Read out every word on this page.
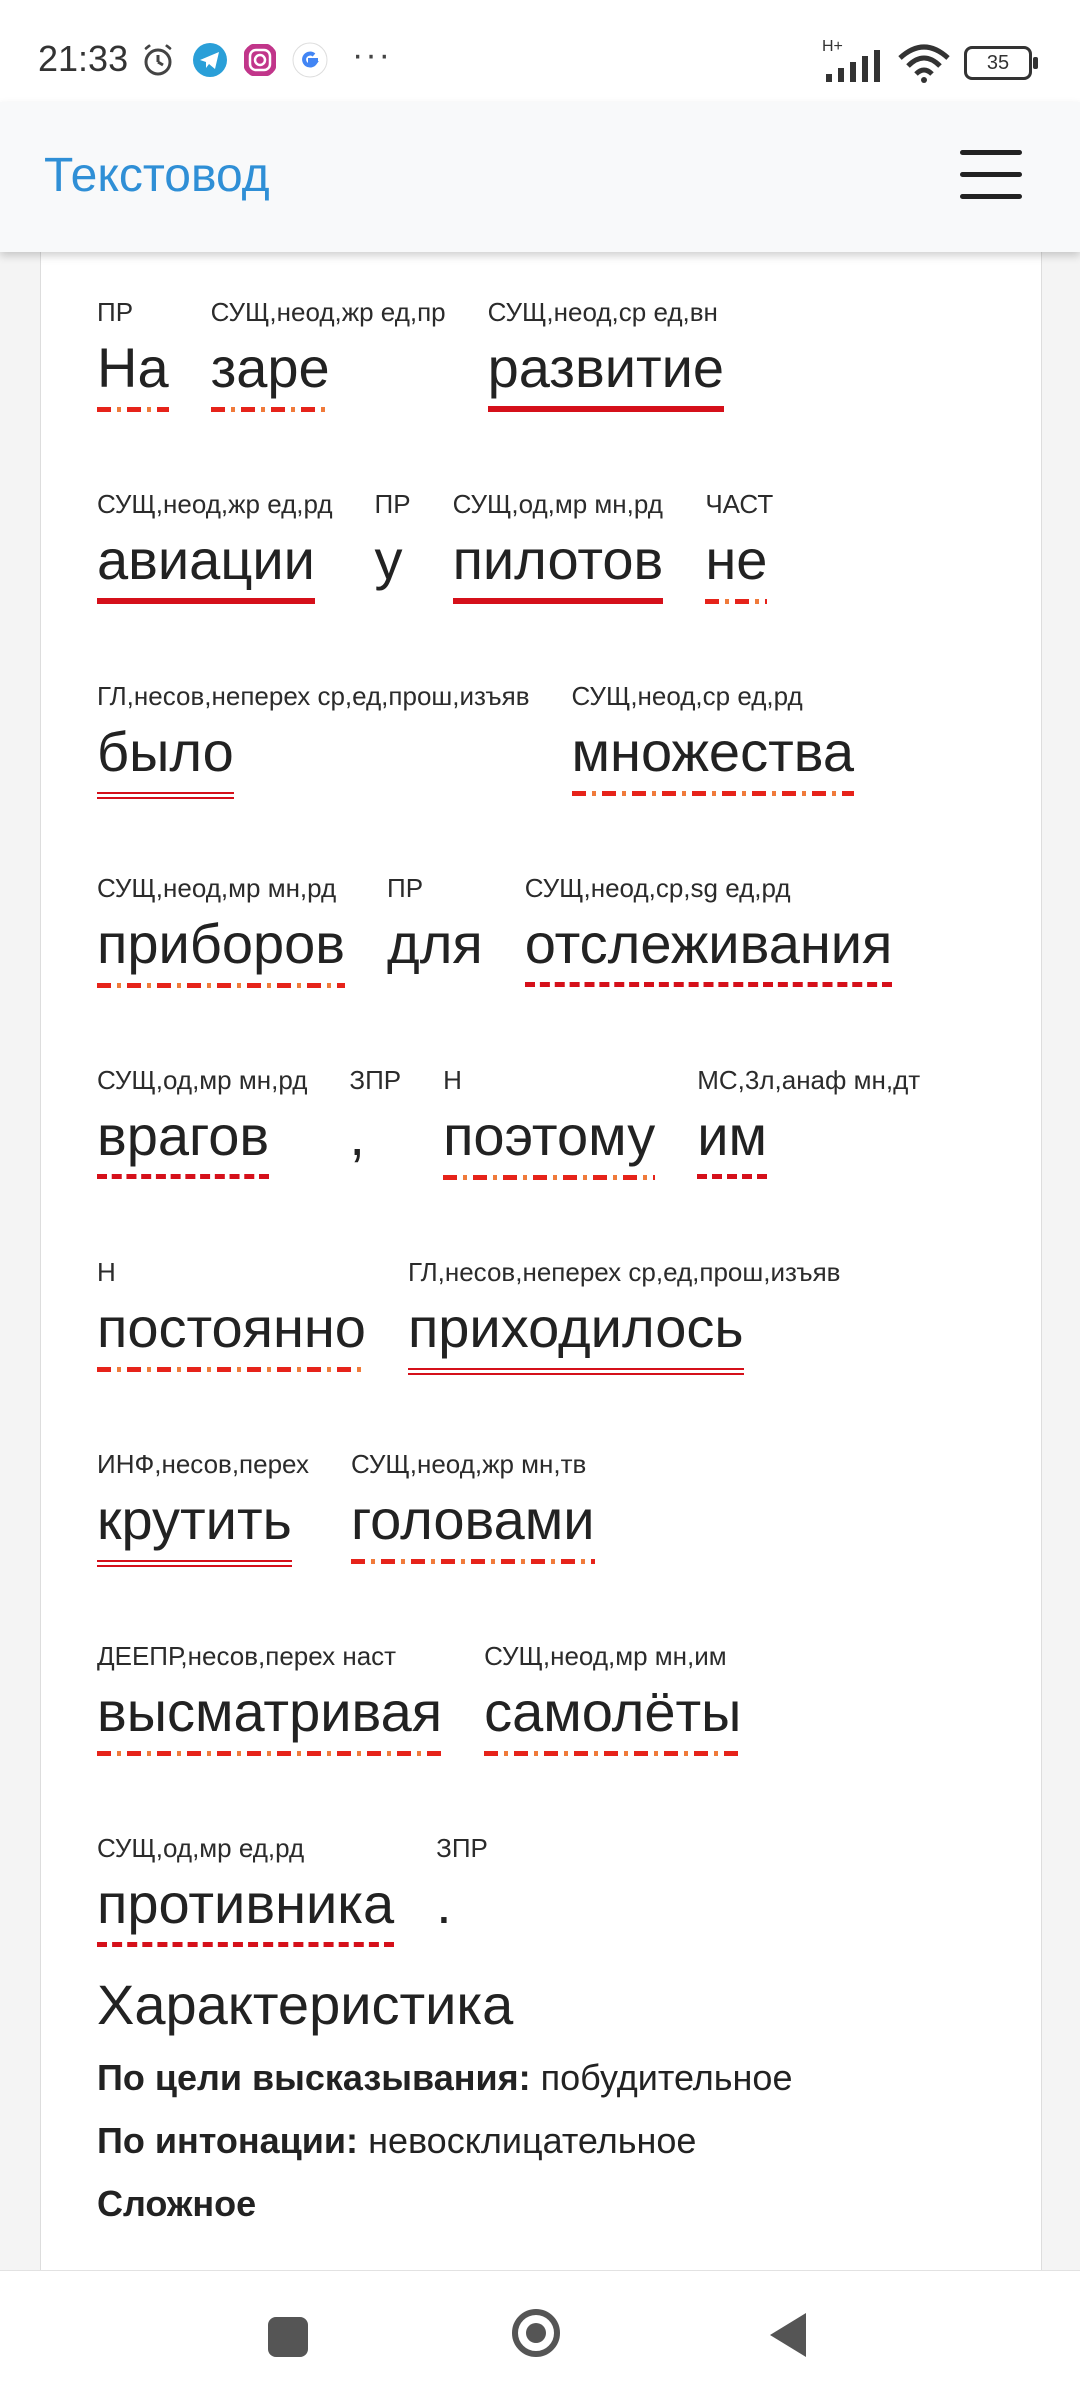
21:33	···	H+
35
Текстовод
ПР
На
СУЩ,неод,жр ед,пр
заре
СУЩ,неод,ср ед,вн
развитие
СУЩ,неод,жр ед,рд
авиации
ПР
у
СУЩ,од,мр мн,рд
пилотов
ЧАСТ
не
ГЛ,несов,неперех ср,ед,прош,изъяв
было
СУЩ,неод,ср ед,рд
множества
СУЩ,неод,мр мн,рд
приборов
ПР
для
СУЩ,неод,ср,sg ед,рд
отслеживания
СУЩ,од,мр мн,рд
врагов
ЗПР
,
Н
поэтому
МС,3л,анаф мн,дт
им
Н
постоянно
ГЛ,несов,неперех ср,ед,прош,изъяв
приходилось
ИНФ,несов,перех
крутить
СУЩ,неод,жр мн,тв
головами
ДЕЕПР,несов,перех наст
высматривая
СУЩ,неод,мр мн,им
самолёты
СУЩ,од,мр ед,рд
противника
ЗПР
.
Характеристика
По цели высказывания: побудительное
По интонации: невосклицательное
Сложное
